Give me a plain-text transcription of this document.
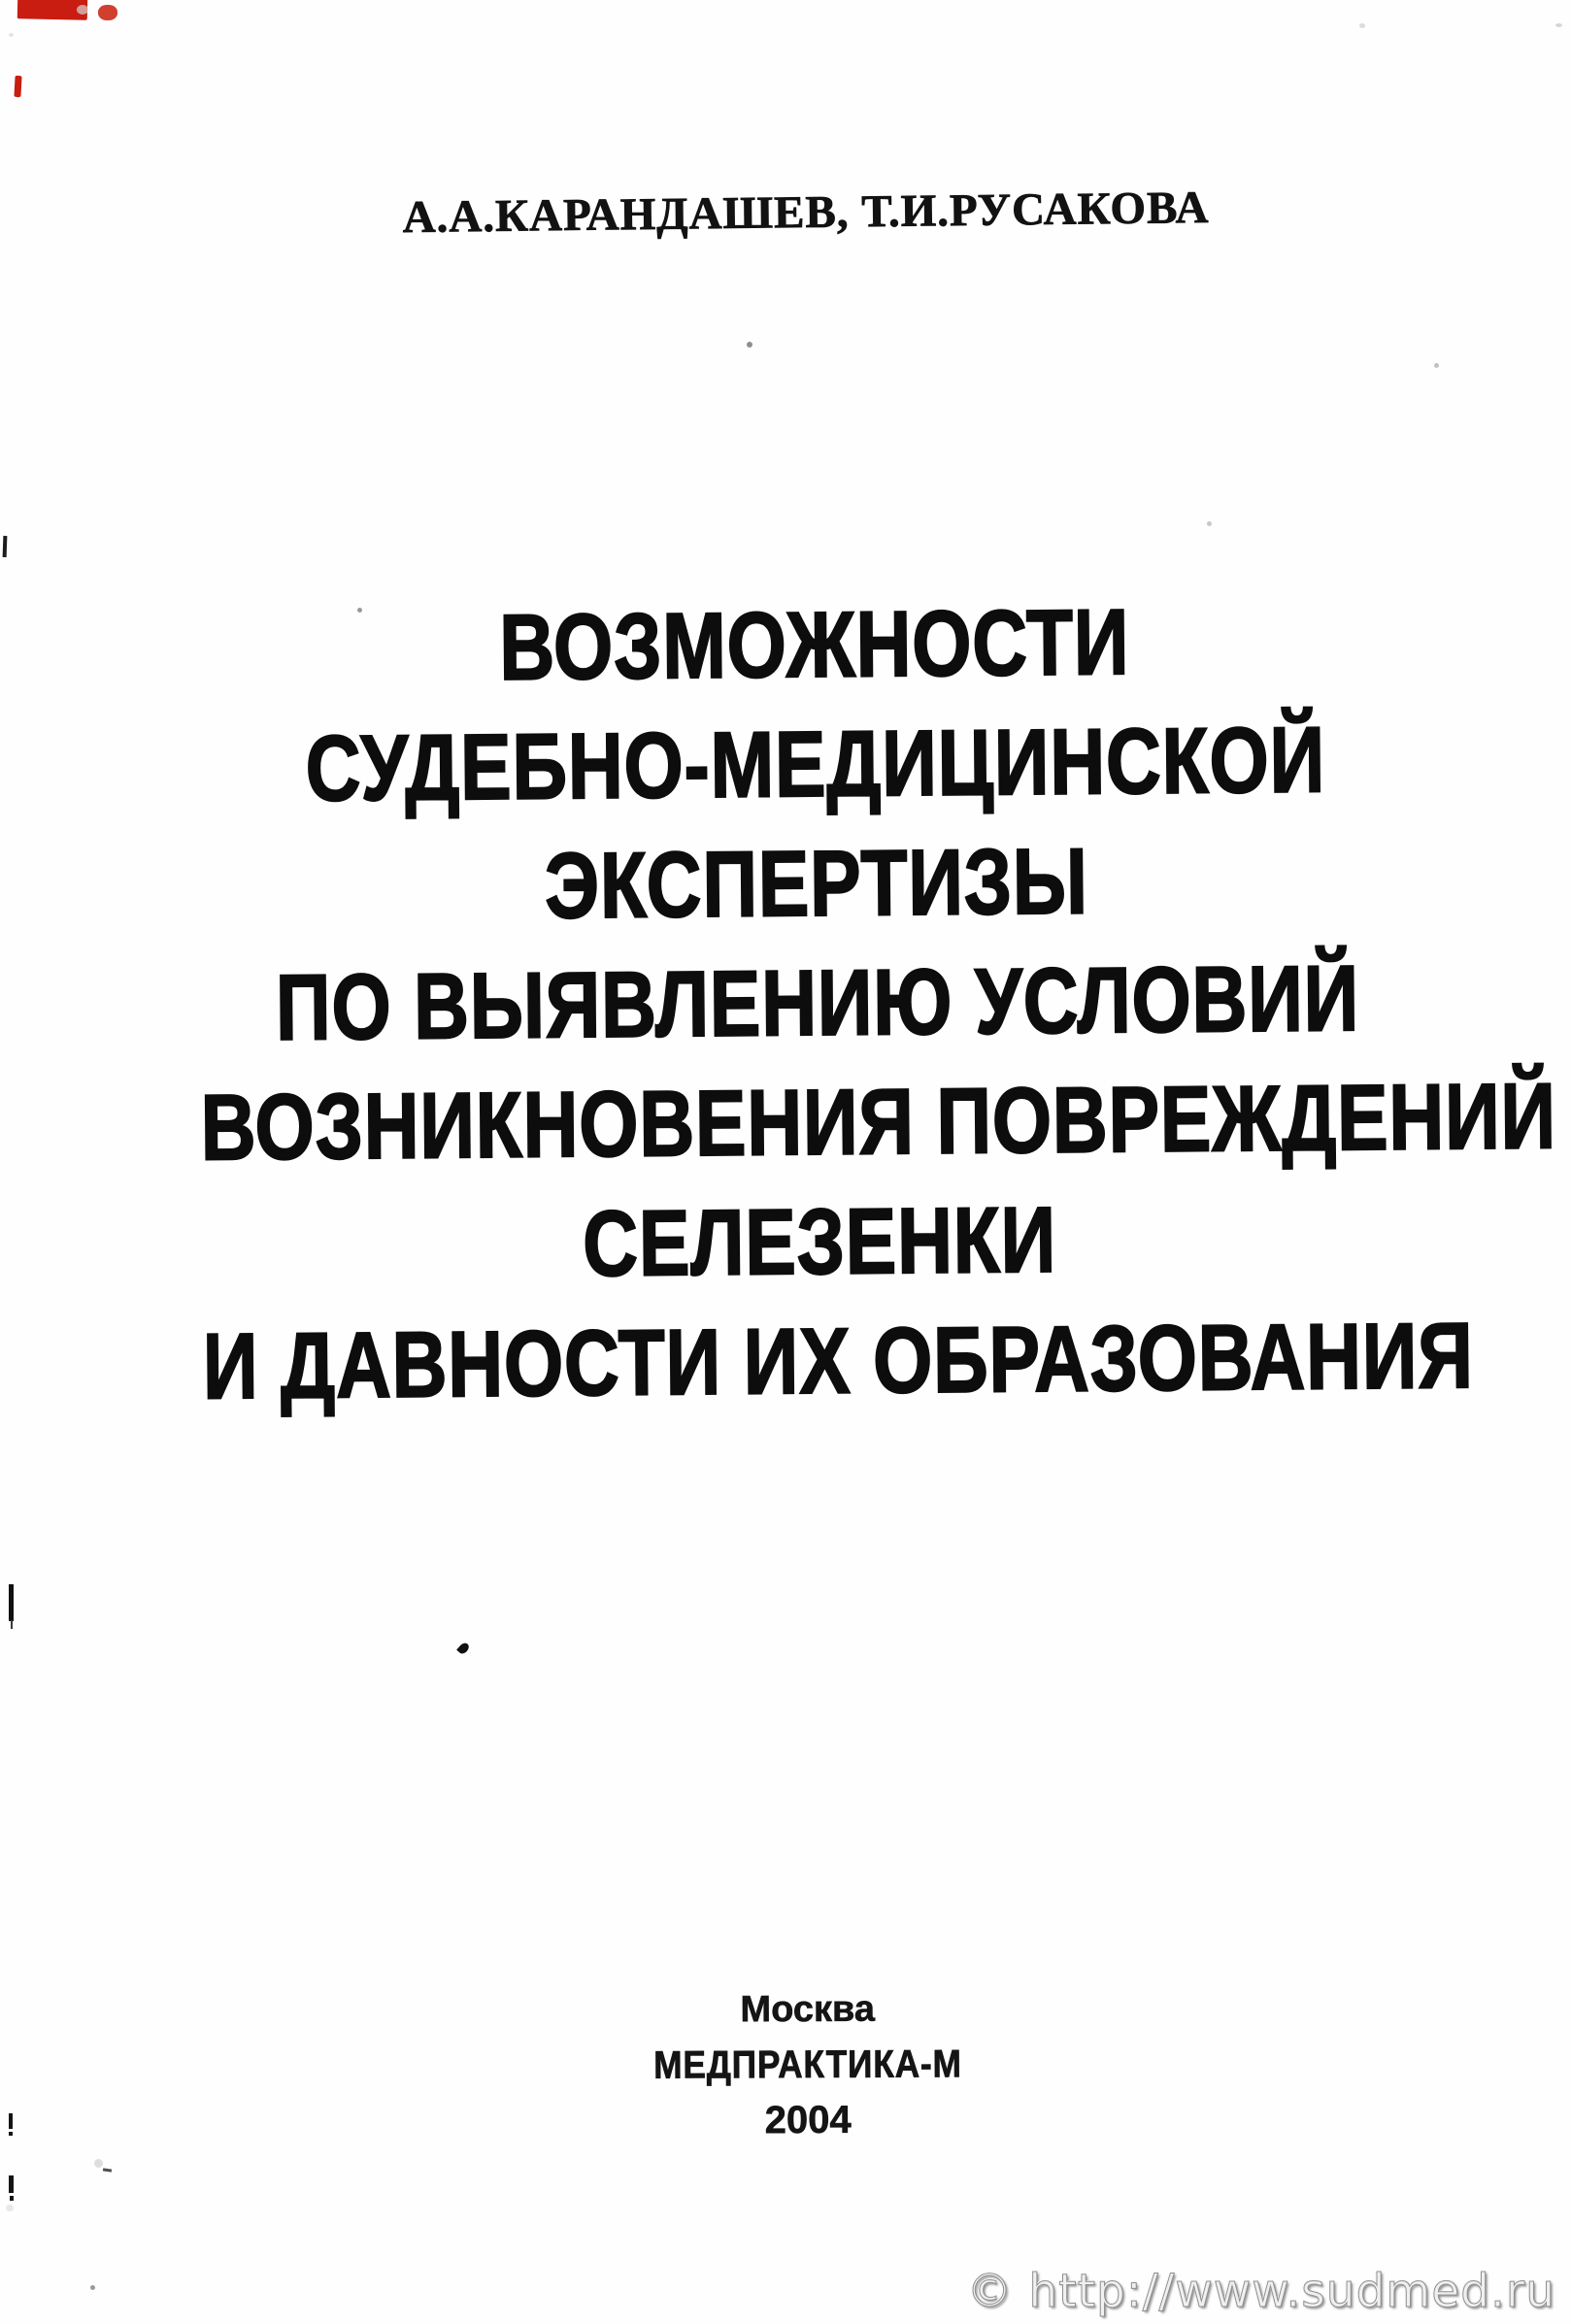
А.А.КАРАНДАШЕВ, Т.И.РУСАКОВА
ВОЗМОЖНОСТИ
СУДЕБНО-МЕДИЦИНСКОЙ
ЭКСПЕРТИЗЫ
ПО ВЫЯВЛЕНИЮ УСЛОВИЙ
ВОЗНИКНОВЕНИЯ ПОВРЕЖДЕНИЙ
СЕЛЕЗЕНКИ
И ДАВНОСТИ ИХ ОБРАЗОВАНИЯ
Москва
МЕДПРАКТИКА-М
2004
© http://www.sudmed.ru
